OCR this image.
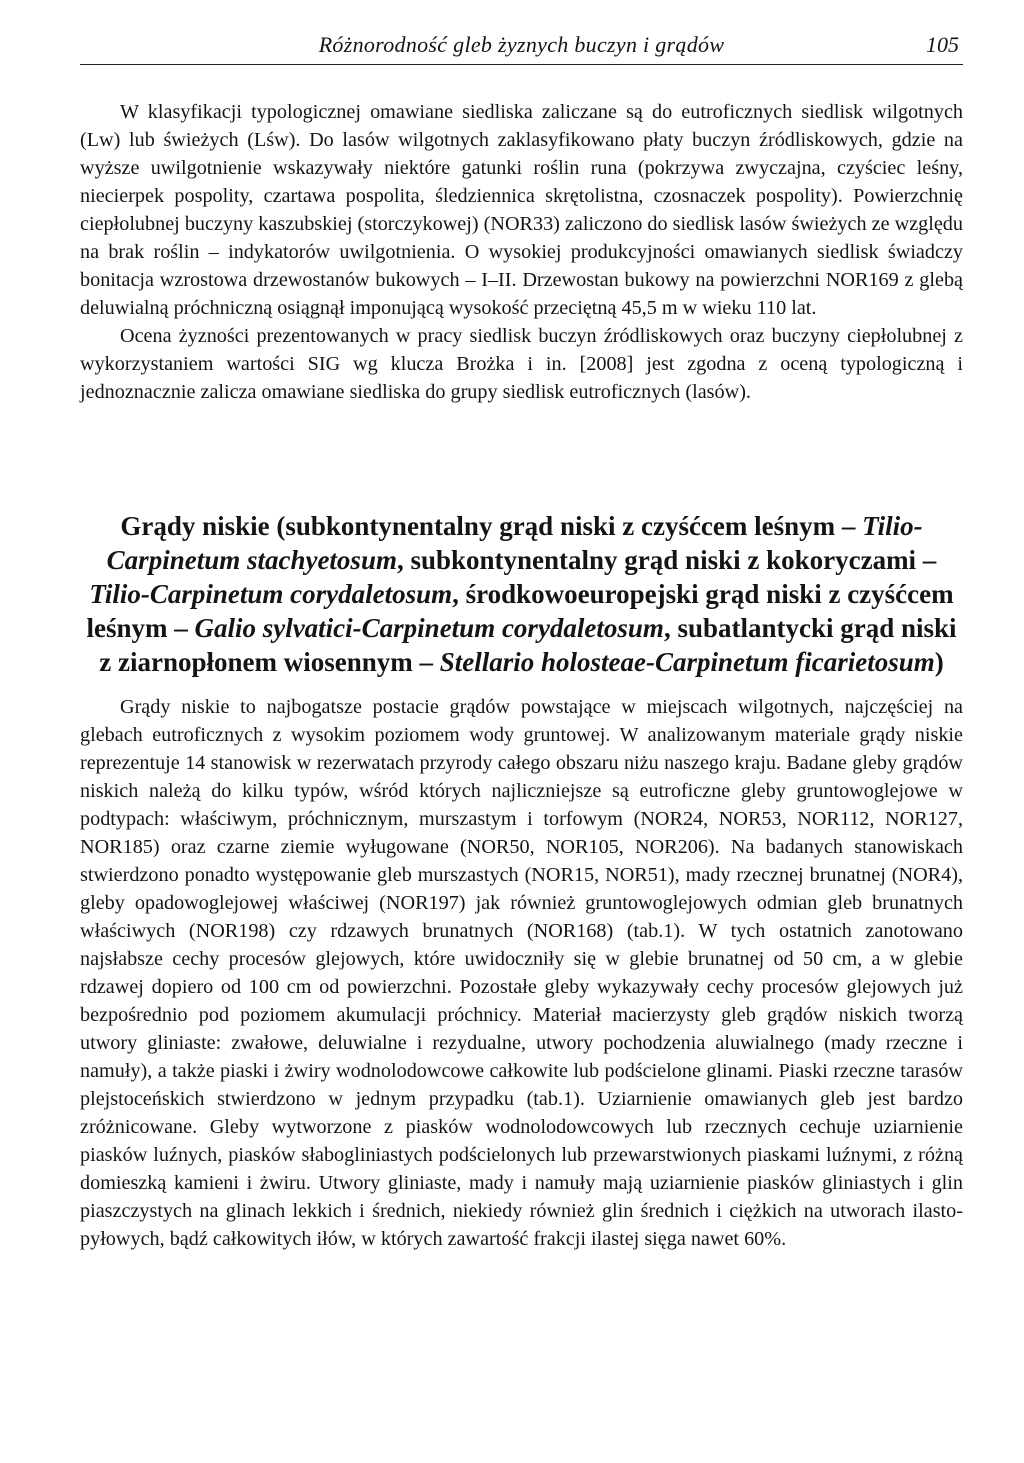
Różnorodność gleb żyznych buczyn i grądów	105

W klasyfikacji typologicznej omawiane siedliska zaliczane są do eutroficznych siedlisk wilgotnych (Lw) lub świeżych (Lśw). Do lasów wilgotnych zaklasyfikowano płaty buczyn źródliskowych, gdzie na wyższe uwilgotnienie wskazywały niektóre gatunki roślin runa (pokrzywa zwyczajna, czyściec leśny, niecierpek pospolity, czartawa pospolita, śledziennica skrętolistna, czosnaczek pospolity). Powierzchnię ciepłolubnej buczyny kaszubskiej (storczykowej) (NOR33) zaliczono do siedlisk lasów świeżych ze względu na brak roślin – indykatorów uwilgotnienia. O wysokiej produkcyjności omawianych siedlisk świadczy bonitacja wzrostowa drzewostanów bukowych – I–II. Drzewostan bukowy na powierzchni NOR169 z glebą deluwialną próchniczną osiągnął imponującą wysokość przeciętną 45,5 m w wieku 110 lat.

Ocena żyzności prezentowanych w pracy siedlisk buczyn źródliskowych oraz buczyny ciepłolubnej z wykorzystaniem wartości SIG wg klucza Brożka i in. [2008] jest zgodna z oceną typologiczną i jednoznacznie zalicza omawiane siedliska do grupy siedlisk eutroficznych (lasów).

Grądy niskie (subkontynentalny grąd niski z czyśćcem leśnym – Tilio-Carpinetum stachyetosum, subkontynentalny grąd niski z kokoryczami – Tilio-Carpinetum corydaletosum, środkowoeuropejski grąd niski z czyśćcem leśnym – Galio sylvatici-Carpinetum corydaletosum, subatlantycki grąd niski z ziarnopłonem wiosennym – Stellario holosteae-Carpinetum ficarietosum)

Grądy niskie to najbogatsze postacie grądów powstające w miejscach wilgotnych, najczęściej na glebach eutroficznych z wysokim poziomem wody gruntowej. W analizowanym materiale grądy niskie reprezentuje 14 stanowisk w rezerwatach przyrody całego obszaru niżu naszego kraju. Badane gleby grądów niskich należą do kilku typów, wśród których najliczniejsze są eutroficzne gleby gruntowoglejowe w podtypach: właściwym, próchnicznym, murszastym i torfowym (NOR24, NOR53, NOR112, NOR127, NOR185) oraz czarne ziemie wyługowane (NOR50, NOR105, NOR206). Na badanych stanowiskach stwierdzono ponadto występowanie gleb murszastych (NOR15, NOR51), mady rzecznej brunatnej (NOR4), gleby opadowoglejowej właściwej (NOR197) jak również gruntowoglejowych odmian gleb brunatnych właściwych (NOR198) czy rdzawych brunatnych (NOR168) (tab.1). W tych ostatnich zanotowano najsłabsze cechy procesów glejowych, które uwidoczniły się w glebie brunatnej od 50 cm, a w glebie rdzawej dopiero od 100 cm od powierzchni. Pozostałe gleby wykazywały cechy procesów glejowych już bezpośrednio pod poziomem akumulacji próchnicy. Materiał macierzysty gleb grądów niskich tworzą utwory gliniaste: zwałowe, deluwialne i rezydualne, utwory pochodzenia aluwialnego (mady rzeczne i namuły), a także piaski i żwiry wodnolodowcowe całkowite lub podścielone glinami. Piaski rzeczne tarasów plejstoceńskich stwierdzono w jednym przypadku (tab.1). Uziarnienie omawianych gleb jest bardzo zróżnicowane. Gleby wytworzone z piasków wodnolodowcowych lub rzecznych cechuje uziarnienie piasków luźnych, piasków słabogliniastych podścielonych lub przewarstwionych piaskami luźnymi, z różną domieszką kamieni i żwiru. Utwory gliniaste, mady i namuły mają uziarnienie piasków gliniastych i glin piaszczystych na glinach lekkich i średnich, niekiedy również glin średnich i ciężkich na utworach ilasto-pyłowych, bądź całkowitych iłów, w których zawartość frakcji ilastej sięga nawet 60%.
